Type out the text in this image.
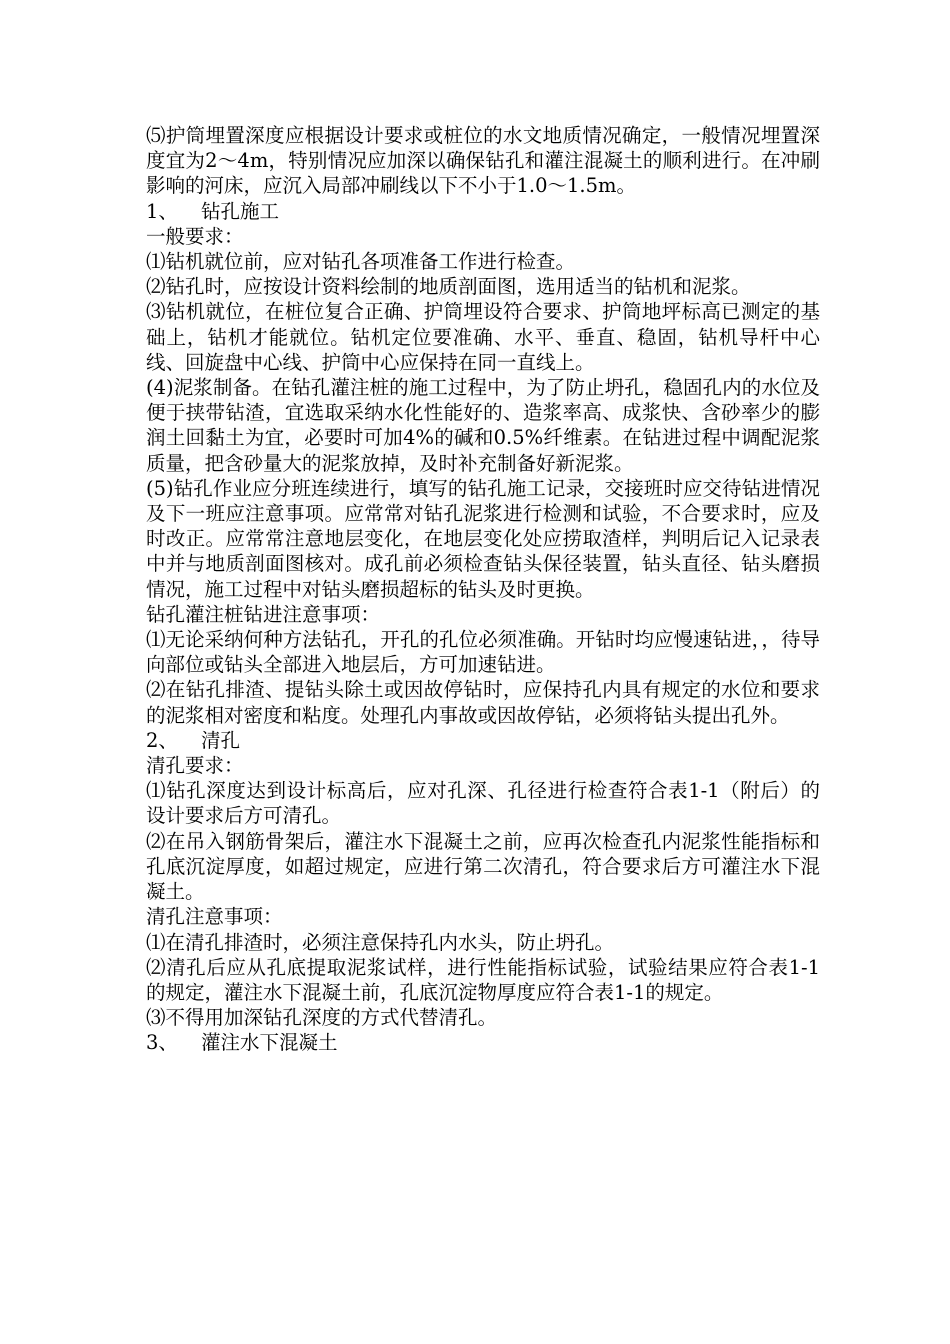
⑸护筒埋置深度应根据设计要求或桩位的水文地质情况确定，一般情况埋置深度宜为2～4m，特别情况应加深以确保钻孔和灌注混凝土的顺利进行。在冲刷影响的河床，应沉入局部冲刷线以下不小于1.0～1.5m。

1、 钻孔施工

一般要求：

⑴钻机就位前，应对钻孔各项准备工作进行检查。

⑵钻孔时，应按设计资料绘制的地质剖面图，选用适当的钻机和泥浆。

⑶钻机就位，在桩位复合正确、护筒埋设符合要求、护筒地坪标高已测定的基础上，钻机才能就位。钻机定位要准确、水平、垂直、稳固，钻机导杆中心线、回旋盘中心线、护筒中心应保持在同一直线上。

(4)泥浆制备。在钻孔灌注桩的施工过程中，为了防止坍孔，稳固孔内的水位及便于挟带钻渣，宜选取采纳水化性能好的、造浆率高、成浆快、含砂率少的膨润土回黏土为宜，必要时可加4%的碱和0.5%纤维素。在钻进过程中调配泥浆质量，把含砂量大的泥浆放掉，及时补充制备好新泥浆。

(5)钻孔作业应分班连续进行，填写的钻孔施工记录，交接班时应交待钻进情况及下一班应注意事项。应常常对钻孔泥浆进行检测和试验，不合要求时，应及时改正。应常常注意地层变化，在地层变化处应捞取渣样，判明后记入记录表中并与地质剖面图核对。成孔前必须检查钻头保径装置，钻头直径、钻头磨损情况，施工过程中对钻头磨损超标的钻头及时更换。

钻孔灌注桩钻进注意事项：

⑴无论采纳何种方法钻孔，开孔的孔位必须准确。开钻时均应慢速钻进，，待导向部位或钻头全部进入地层后，方可加速钻进。

⑵在钻孔排渣、提钻头除土或因故停钻时，应保持孔内具有规定的水位和要求的泥浆相对密度和粘度。处理孔内事故或因故停钻，必须将钻头提出孔外。

2、 清孔

清孔要求：

⑴钻孔深度达到设计标高后，应对孔深、孔径进行检查符合表1-1（附后）的设计要求后方可清孔。

⑵在吊入钢筋骨架后，灌注水下混凝土之前，应再次检查孔内泥浆性能指标和孔底沉淀厚度，如超过规定，应进行第二次清孔，符合要求后方可灌注水下混凝土。

清孔注意事项：

⑴在清孔排渣时，必须注意保持孔内水头，防止坍孔。

⑵清孔后应从孔底提取泥浆试样，进行性能指标试验，试验结果应符合表1-1的规定，灌注水下混凝土前，孔底沉淀物厚度应符合表1-1的规定。

⑶不得用加深钻孔深度的方式代替清孔。

3、 灌注水下混凝土
